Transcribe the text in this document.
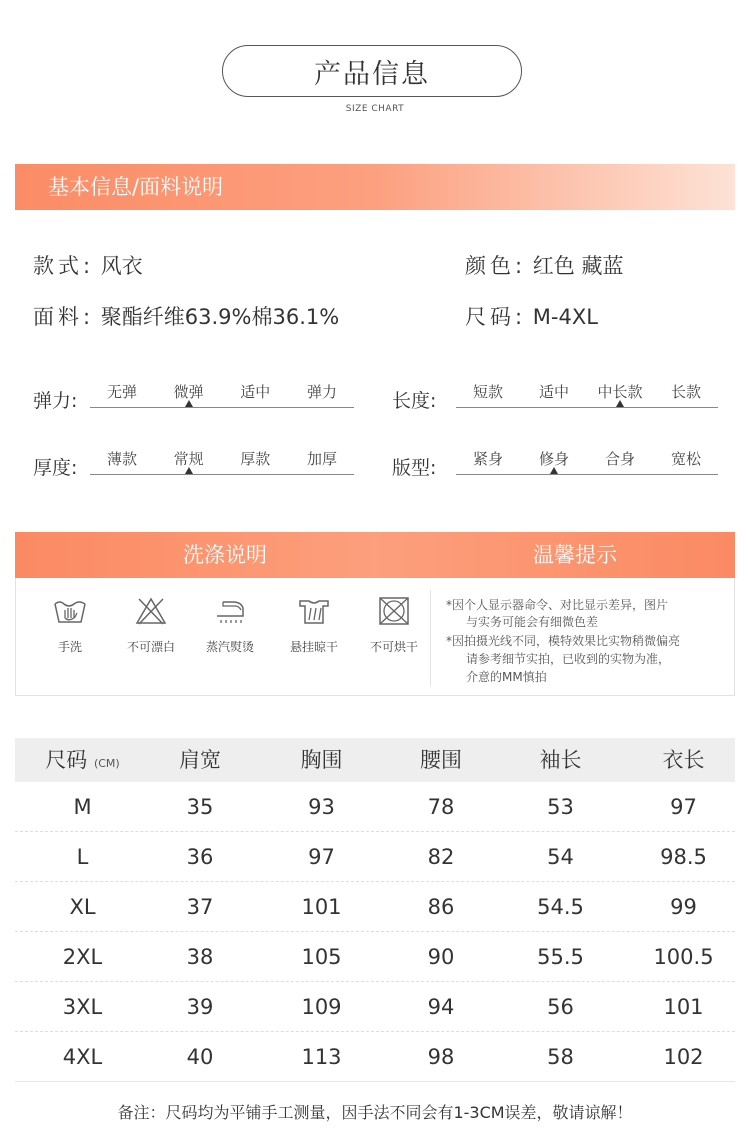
产品信息
SIZE CHART
基本信息/面料说明
款式: 风衣	颜色: 红色 藏蓝
面料: 聚酯纤维63.9%棉36.1%	尺码: M-4XL
弹力:	无弹	微弹	适中	弹力	长度:	短款	适中	中长款	长款
厚度:	薄款	常规	厚款	加厚	版型:	紧身	修身	合身	宽松
洗涤说明	温馨提示
手洗	不可漂白	蒸汽熨烫	悬挂晾干	不可烘干
*因个人显示器命令、对比显示差异，图片
与实务可能会有细微色差
*因拍摄光线不同，模特效果比实物稍微偏亮
请参考细节实拍，已收到的实物为准，
介意的MM慎拍
尺码 (CM)	肩宽	胸围	腰围	袖长	衣长
M	35	93	78	53	97
L	36	97	82	54	98.5
XL	37	101	86	54.5	99
2XL	38	105	90	55.5	100.5
3XL	39	109	94	56	101
4XL	40	113	98	58	102
备注：尺码均为平铺手工测量，因手法不同会有1-3CM误差，敬请谅解！
